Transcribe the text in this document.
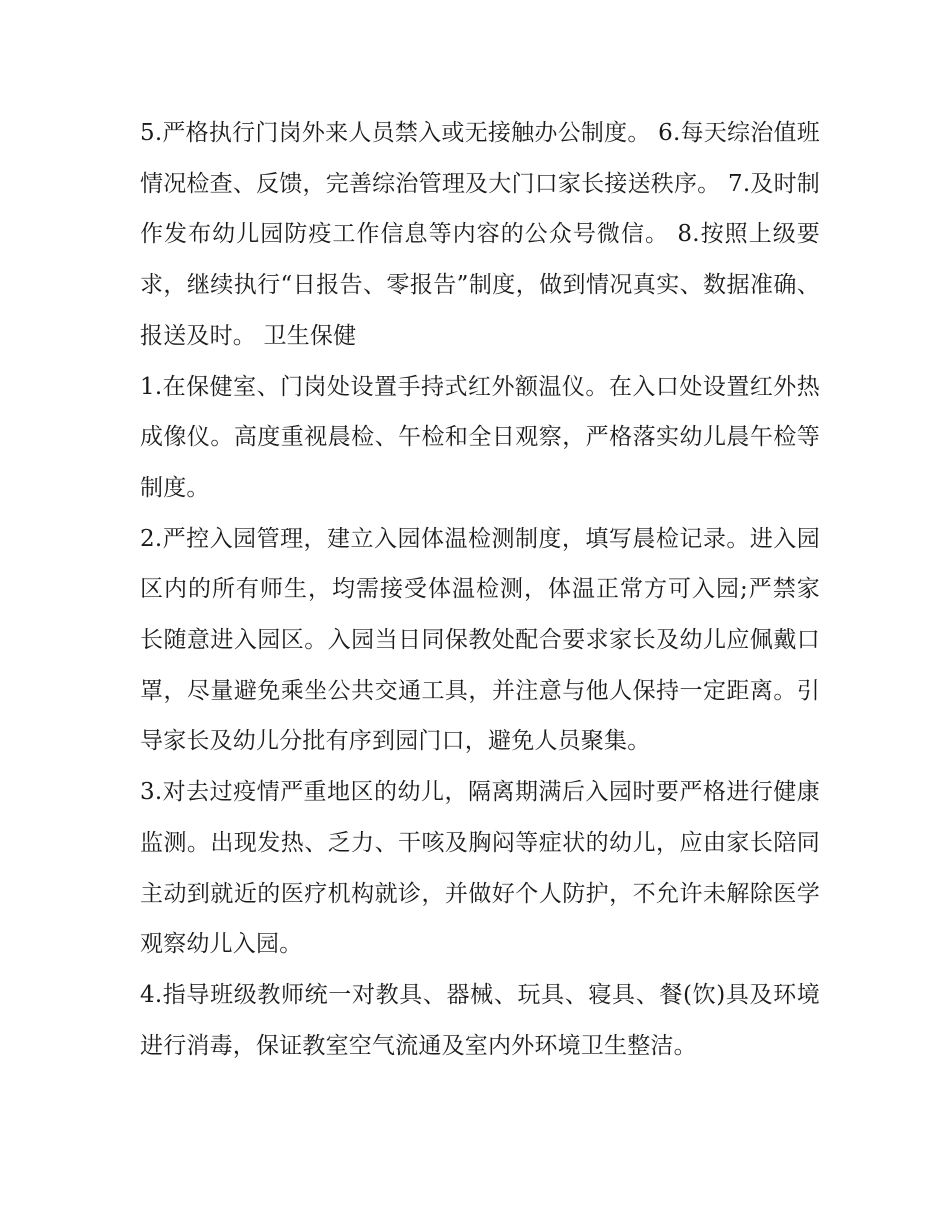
5.严格执行门岗外来人员禁入或无接触办公制度。 6.每天综治值班情况检查、反馈，完善综治管理及大门口家长接送秩序。 7.及时制作发布幼儿园防疫工作信息等内容的公众号微信。 8.按照上级要求，继续执行“日报告、零报告”制度，做到情况真实、数据准确、报送及时。 卫生保健

1.在保健室、门岗处设置手持式红外额温仪。在入口处设置红外热成像仪。高度重视晨检、午检和全日观察，严格落实幼儿晨午检等制度。

2.严控入园管理，建立入园体温检测制度，填写晨检记录。进入园区内的所有师生，均需接受体温检测，体温正常方可入园;严禁家长随意进入园区。入园当日同保教处配合要求家长及幼儿应佩戴口罩，尽量避免乘坐公共交通工具，并注意与他人保持一定距离。引导家长及幼儿分批有序到园门口，避免人员聚集。

3.对去过疫情严重地区的幼儿，隔离期满后入园时要严格进行健康监测。出现发热、乏力、干咳及胸闷等症状的幼儿，应由家长陪同主动到就近的医疗机构就诊，并做好个人防护，不允许未解除医学观察幼儿入园。

4.指导班级教师统一对教具、器械、玩具、寝具、餐(饮)具及环境进行消毒，保证教室空气流通及室内外环境卫生整洁。
